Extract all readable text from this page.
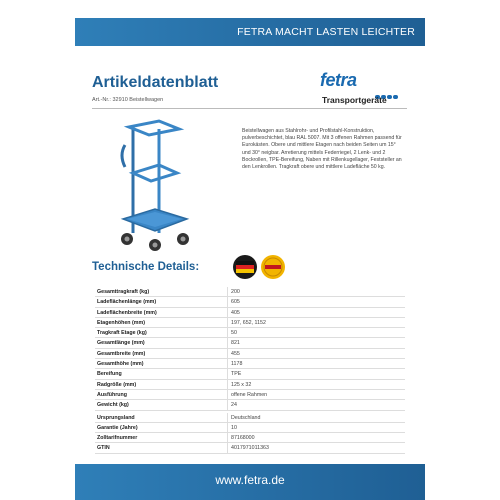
FETRA MACHT LASTEN LEICHTER
Artikeldatenblatt
Art.-Nr.: 32910 Beistellwagen
fetra
Transportgeräte
Beistellwagen aus Stahlrohr- und Profilstahl-Konstruktion, pulverbeschichtet, blau RAL 5007. Mit 3 offenen Rahmen passend für Eurokästen. Obere und mittlere Etagen nach beiden Seiten um 15° und 30° neigbar. Arretierung mittels Federriegel, 2 Lenk- und 2 Bockrollen, TPE-Bereifung, Naben mit Rillenkugellager, Feststeller an den Lenkrollen. Tragkraft obere und mittlere Ladefläche 50 kg.
Technische Details:
Gesamttragkraft (kg)	200
Ladeflächenlänge (mm)	605
Ladeflächenbreite (mm)	405
Etagenhöhen (mm)	197, 652, 1152
Tragkraft Etage (kg)	50
Gesamtlänge (mm)	821
Gesamtbreite (mm)	455
Gesamthöhe (mm)	1178
Bereifung	TPE
Radgröße (mm)	125 x 32
Ausführung	offene Rahmen
Gewicht (kg)	24
Ursprungsland	Deutschland
Garantie (Jahre)	10
Zolltarifnummer	87168000
GTIN	4017971011363
www.fetra.de
